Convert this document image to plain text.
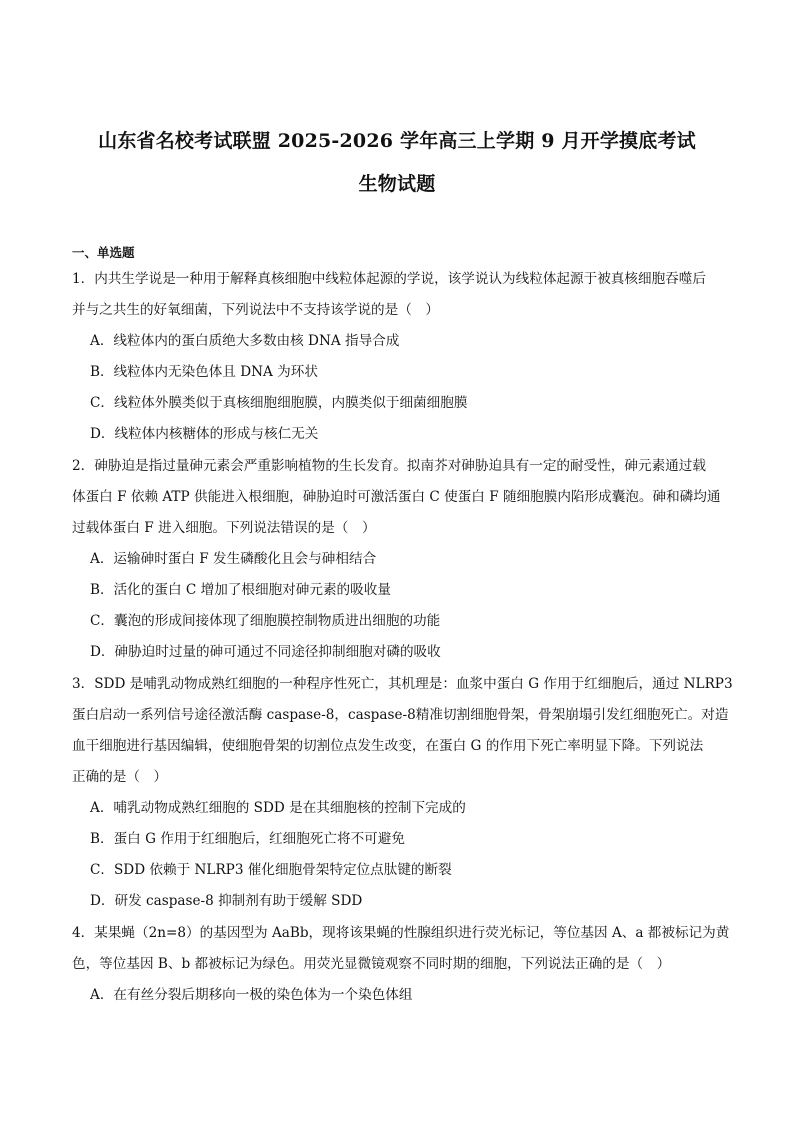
山东省名校考试联盟 2025-2026 学年高三上学期 9 月开学摸底考试
生物试题
一、单选题
1．内共生学说是一种用于解释真核细胞中线粒体起源的学说，该学说认为线粒体起源于被真核细胞吞噬后
并与之共生的好氧细菌，下列说法中不支持该学说的是（　）
A．线粒体内的蛋白质绝大多数由核 DNA 指导合成
B．线粒体内无染色体且 DNA 为环状
C．线粒体外膜类似于真核细胞细胞膜，内膜类似于细菌细胞膜
D．线粒体内核糖体的形成与核仁无关
2．砷胁迫是指过量砷元素会严重影响植物的生长发育。拟南芥对砷胁迫具有一定的耐受性，砷元素通过载
体蛋白 F 依赖 ATP 供能进入根细胞，砷胁迫时可激活蛋白 C 使蛋白 F 随细胞膜内陷形成囊泡。砷和磷均通
过载体蛋白 F 进入细胞。下列说法错误的是（　）
A．运输砷时蛋白 F 发生磷酸化且会与砷相结合
B．活化的蛋白 C 增加了根细胞对砷元素的吸收量
C．囊泡的形成间接体现了细胞膜控制物质进出细胞的功能
D．砷胁迫时过量的砷可通过不同途径抑制细胞对磷的吸收
3．SDD 是哺乳动物成熟红细胞的一种程序性死亡，其机理是：血浆中蛋白 G 作用于红细胞后，通过 NLRP3
蛋白启动一系列信号途径激活酶 caspase-8，caspase-8精准切割细胞骨架，骨架崩塌引发红细胞死亡。对造
血干细胞进行基因编辑，使细胞骨架的切割位点发生改变，在蛋白 G 的作用下死亡率明显下降。下列说法
正确的是（　）
A．哺乳动物成熟红细胞的 SDD 是在其细胞核的控制下完成的
B．蛋白 G 作用于红细胞后，红细胞死亡将不可避免
C．SDD 依赖于 NLRP3 催化细胞骨架特定位点肽键的断裂
D．研发 caspase-8 抑制剂有助于缓解 SDD
4．某果蝇（2n=8）的基因型为 AaBb，现将该果蝇的性腺组织进行荧光标记，等位基因 A、a 都被标记为黄
色，等位基因 B、b 都被标记为绿色。用荧光显微镜观察不同时期的细胞，下列说法正确的是（　）
A．在有丝分裂后期移向一极的染色体为一个染色体组
